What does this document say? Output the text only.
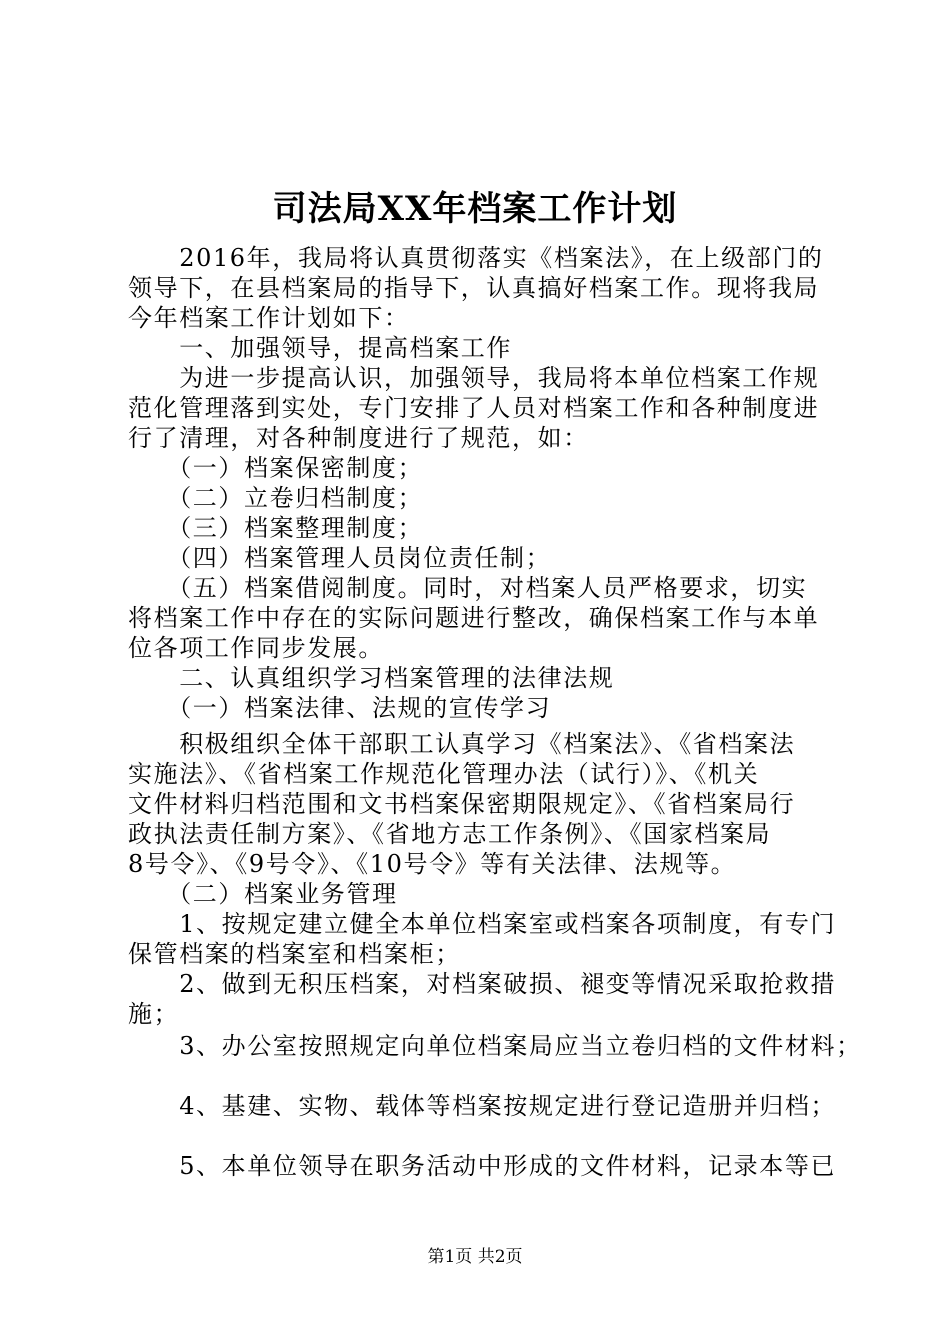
司法局XX年档案工作计划
　　2016年，我局将认真贯彻落实《档案法》，在上级部门的
领导下，在县档案局的指导下，认真搞好档案工作。现将我局
今年档案工作计划如下：
　　一、加强领导，提高档案工作
　　为进一步提高认识，加强领导，我局将本单位档案工作规
范化管理落到实处，专门安排了人员对档案工作和各种制度进
行了清理，对各种制度进行了规范，如：
　　（一）档案保密制度；
　　（二）立卷归档制度；
　　（三）档案整理制度；
　　（四）档案管理人员岗位责任制；
　　（五）档案借阅制度。同时，对档案人员严格要求，切实
将档案工作中存在的实际问题进行整改，确保档案工作与本单
位各项工作同步发展。
　　二、认真组织学习档案管理的法律法规
　　（一）档案法律、法规的宣传学习
　　积极组织全体干部职工认真学习《档案法》、《省档案法
实施法》、《省档案工作规范化管理办法（试行）》、《机关
文件材料归档范围和文书档案保密期限规定》、《省档案局行
政执法责任制方案》、《省地方志工作条例》、《国家档案局
8号令》、《9号令》、《10号令》等有关法律、法规等。
　　（二）档案业务管理
　　1、按规定建立健全本单位档案室或档案各项制度，有专门
保管档案的档案室和档案柜；
　　2、做到无积压档案，对档案破损、褪变等情况采取抢救措
施；
　　3、办公室按照规定向单位档案局应当立卷归档的文件材料；
　　4、基建、实物、载体等档案按规定进行登记造册并归档；
　　5、本单位领导在职务活动中形成的文件材料，记录本等已
第1页 共2页
